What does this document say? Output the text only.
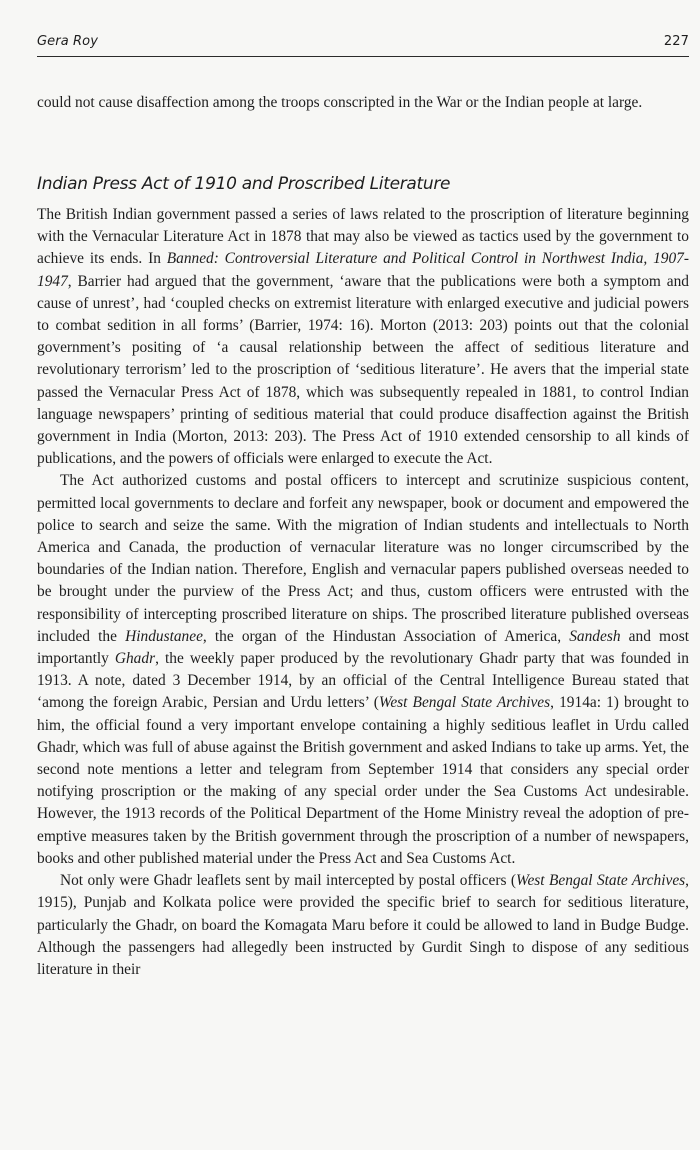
Gera Roy	227

could not cause disaffection among the troops conscripted in the War or the Indian people at large.

Indian Press Act of 1910 and Proscribed Literature

The British Indian government passed a series of laws related to the proscription of literature beginning with the Vernacular Literature Act in 1878 that may also be viewed as tactics used by the government to achieve its ends. In Banned: Controversial Literature and Political Control in Northwest India, 1907-1947, Barrier had argued that the government, ‘aware that the publications were both a symptom and cause of unrest’, had ‘coupled checks on extremist literature with enlarged executive and judicial powers to combat sedition in all forms’ (Barrier, 1974: 16). Morton (2013: 203) points out that the colonial government’s positing of ‘a causal relationship between the affect of seditious literature and revolutionary terrorism’ led to the proscription of ‘seditious literature’. He avers that the imperial state passed the Vernacular Press Act of 1878, which was subsequently repealed in 1881, to control Indian language newspapers’ printing of seditious material that could produce disaffection against the British government in India (Morton, 2013: 203). The Press Act of 1910 extended censorship to all kinds of publications, and the powers of officials were enlarged to execute the Act.

The Act authorized customs and postal officers to intercept and scrutinize suspicious content, permitted local governments to declare and forfeit any newspaper, book or document and empowered the police to search and seize the same. With the migration of Indian students and intellectuals to North America and Canada, the production of vernacular literature was no longer circumscribed by the boundaries of the Indian nation. Therefore, English and vernacular papers published overseas needed to be brought under the purview of the Press Act; and thus, custom officers were entrusted with the responsibility of intercepting proscribed literature on ships. The proscribed literature published overseas included the Hindustanee, the organ of the Hindustan Association of America, Sandesh and most importantly Ghadr, the weekly paper produced by the revolutionary Ghadr party that was founded in 1913. A note, dated 3 December 1914, by an official of the Central Intelligence Bureau stated that ‘among the foreign Arabic, Persian and Urdu letters’ (West Bengal State Archives, 1914a: 1) brought to him, the official found a very important envelope containing a highly seditious leaflet in Urdu called Ghadr, which was full of abuse against the British government and asked Indians to take up arms. Yet, the second note mentions a letter and telegram from September 1914 that considers any special order notifying proscription or the making of any special order under the Sea Customs Act undesirable. However, the 1913 records of the Political Department of the Home Ministry reveal the adoption of pre-emptive measures taken by the British government through the proscription of a number of newspapers, books and other published material under the Press Act and Sea Customs Act.

Not only were Ghadr leaflets sent by mail intercepted by postal officers (West Bengal State Archives, 1915), Punjab and Kolkata police were provided the specific brief to search for seditious literature, particularly the Ghadr, on board the Komagata Maru before it could be allowed to land in Budge Budge. Although the passengers had allegedly been instructed by Gurdit Singh to dispose of any seditious literature in their
